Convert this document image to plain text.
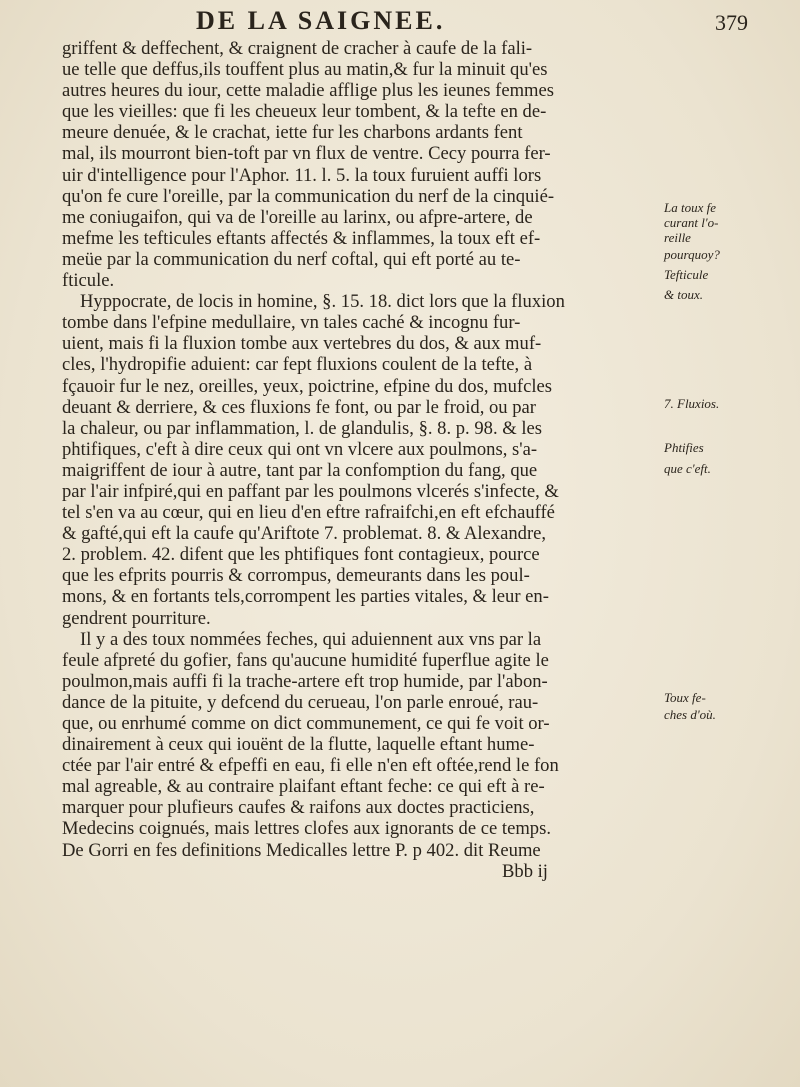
DE LA SAIGNEE.	379
griffent & deffechent, & craignent de cracher à caufe de la fali-
ue telle que deffus,ils touffent plus au matin,& fur la minuit qu'es
autres heures du iour, cette maladie afflige plus les ieunes femmes
que les vieilles: que fi les cheueux leur tombent, & la tefte en de-
meure denuée, & le crachat, iette fur les charbons ardants fent
mal, ils mourront bien-toft par vn flux de ventre. Cecy pourra fer-
uir d'intelligence pour l'Aphor. 11. l. 5. la toux furuient auffi lors
qu'on fe cure l'oreille, par la communication du nerf de la cinquié-
me coniugaifon, qui va de l'oreille au larinx, ou afpre-artere, de
mefme les tefticules eftants affectés & inflammes, la toux eft ef-
meüe par la communication du nerf coftal, qui eft porté au te-
fticule.
Hyppocrate, de locis in homine, §. 15. 18. dict lors que la fluxion
tombe dans l'efpine medullaire, vn tales caché & incognu fur-
uient, mais fi la fluxion tombe aux vertebres du dos, & aux muf-
cles, l'hydropifie aduient: car fept fluxions coulent de la tefte, à
fçauoir fur le nez, oreilles, yeux, poictrine, efpine du dos, mufcles
deuant & derriere, & ces fluxions fe font, ou par le froid, ou par
la chaleur, ou par inflammation, l. de glandulis, §. 8. p. 98. & les
phtifiques, c'eft à dire ceux qui ont vn vlcere aux poulmons, s'a-
maigriffent de iour à autre, tant par la confomption du fang, que
par l'air infpiré,qui en paffant par les poulmons vlcerés s'infecte, &
tel s'en va au cœur, qui en lieu d'en eftre rafraifchi,en eft efchauffé
& gafté,qui eft la caufe qu'Ariftote 7. problemat. 8. & Alexandre,
2. problem. 42. difent que les phtifiques font contagieux, pource
que les efprits pourris & corrompus, demeurants dans les poul-
mons, & en fortants tels,corrompent les parties vitales, & leur en-
gendrent pourriture.
Il y a des toux nommées feches, qui aduiennent aux vns par la
feule afpreté du gofier, fans qu'aucune humidité fuperflue agite le
poulmon,mais auffi fi la trache-artere eft trop humide, par l'abon-
dance de la pituite, y defcend du cerueau, l'on parle enroué, rau-
que, ou enrhumé comme on dict communement, ce qui fe voit or-
dinairement à ceux qui iouënt de la flutte, laquelle eftant hume-
ctée par l'air entré & efpeffi en eau, fi elle n'en eft oftée,rend le fon
mal agreable, & au contraire plaifant eftant feche: ce qui eft à re-
marquer pour plufieurs caufes & raifons aux doctes practiciens,
Medecins coignués, mais lettres clofes aux ignorants de ce temps.
De Gorri en fes definitions Medicalles lettre P. p 402. dit Reume
Bbb ij
La toux fe
curant l'o-
reille
pourquoy?
Tefticule
& toux.
7. Fluxios.
Phtifies
que c'eft.
Toux fe-
ches d'où.
